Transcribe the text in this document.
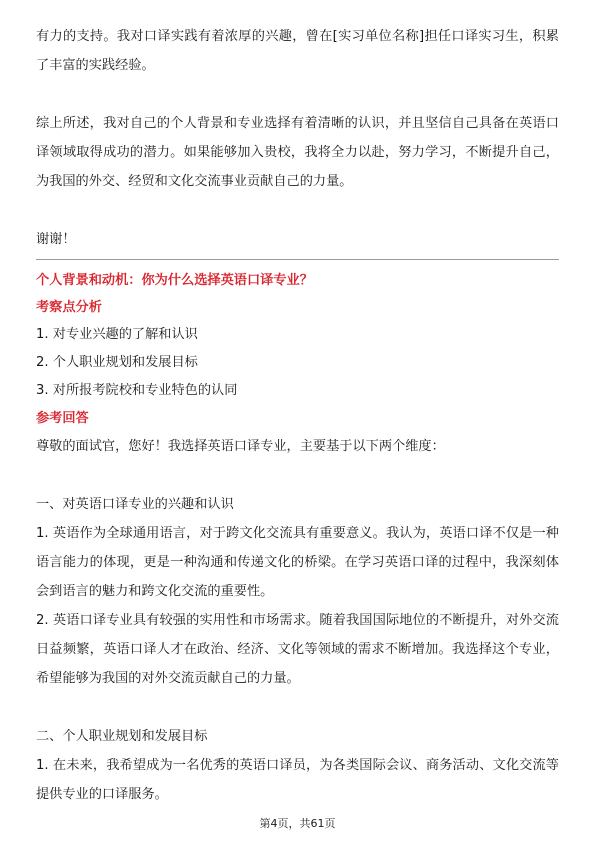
有力的支持。我对口译实践有着浓厚的兴趣，曾在[实习单位名称]担任口译实习生，积累了丰富的实践经验。

综上所述，我对自己的个人背景和专业选择有着清晰的认识，并且坚信自己具备在英语口译领域取得成功的潜力。如果能够加入贵校，我将全力以赴，努力学习，不断提升自己，为我国的外交、经贸和文化交流事业贡献自己的力量。

谢谢！

个人背景和动机：你为什么选择英语口译专业？

考察点分析

1. 对专业兴趣的了解和认识

2. 个人职业规划和发展目标

3. 对所报考院校和专业特色的认同

参考回答

尊敬的面试官，您好！我选择英语口译专业，主要基于以下两个维度：

一、对英语口译专业的兴趣和认识

1. 英语作为全球通用语言，对于跨文化交流具有重要意义。我认为，英语口译不仅是一种语言能力的体现，更是一种沟通和传递文化的桥梁。在学习英语口译的过程中，我深刻体会到语言的魅力和跨文化交流的重要性。

2. 英语口译专业具有较强的实用性和市场需求。随着我国国际地位的不断提升，对外交流日益频繁，英语口译人才在政治、经济、文化等领域的需求不断增加。我选择这个专业，希望能够为我国的对外交流贡献自己的力量。

二、个人职业规划和发展目标

1. 在未来，我希望成为一名优秀的英语口译员，为各类国际会议、商务活动、文化交流等提供专业的口译服务。

第4页，共61页
